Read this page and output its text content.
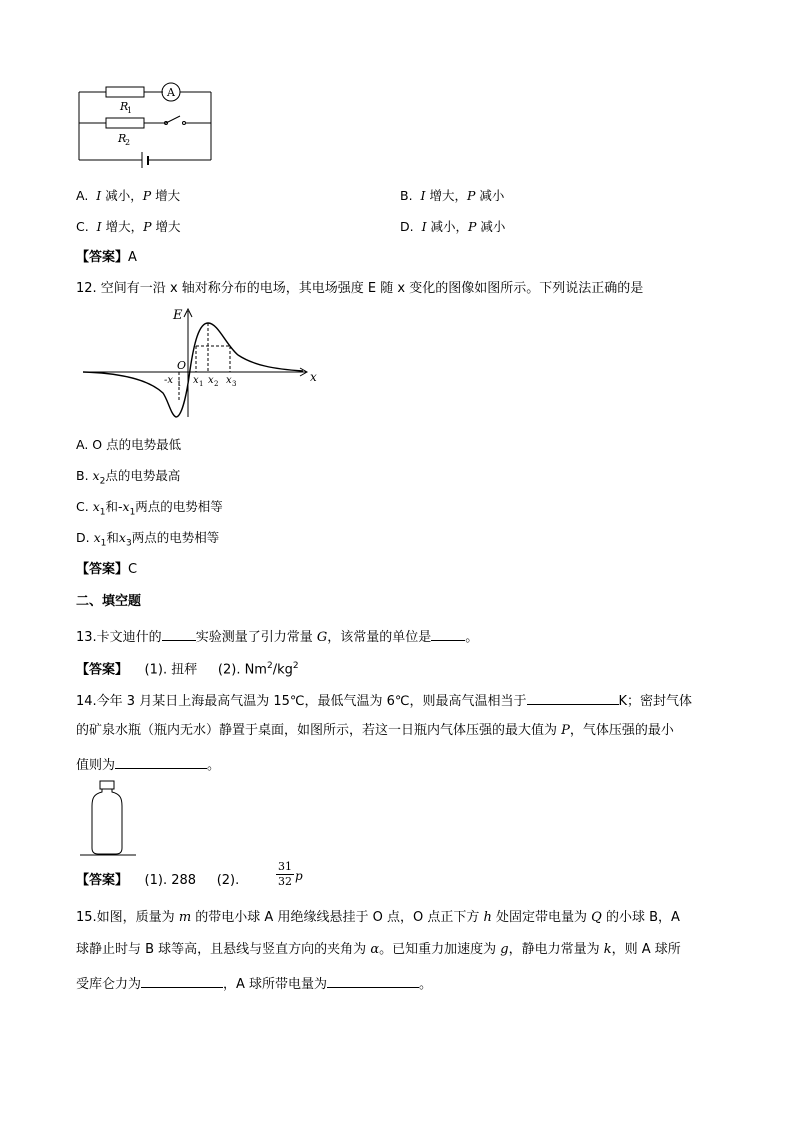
A
R
1
R
2
A. I 减小，P 增大	B. I 增大，P 减小
C. I 增大，P 增大	D. I 减小，P 减小
【答案】A
12. 空间有一沿 x 轴对称分布的电场，其电场强度 E 随 x 变化的图像如图所示。下列说法正确的是
E
x
O
-x 1 x 1 x 2 x 3
A. O 点的电势最低
B. $x_2$点的电势最高
C. $x_1$和$-x_1$两点的电势相等
D. $x_1$和$x_3$两点的电势相等
【答案】C
二、填空题
13.卡文迪什的	实验测量了引力常量 G，该常量的单位是	。
【答案】 (1). 扭秤 (2). $Nm^2/kg^2$
14.今年 3 月某日上海最高气温为 15℃，最低气温为 6℃，则最高气温相当于	K；密封气体
的矿泉水瓶（瓶内无水）静置于桌面，如图所示，若这一日瓶内气体压强的最大值为 P，气体压强的最小
值则为	。
【答案】 (1). 288 (2).
31
32 p
15.如图，质量为 m 的带电小球 A 用绝缘线悬挂于 O 点，O 点正下方 h 处固定带电量为 Q 的小球 B，A
球静止时与 B 球等高，且悬线与竖直方向的夹角为 α。已知重力加速度为 g，静电力常量为 k，则 A 球所
受库仑力为	，A 球所带电量为	。
